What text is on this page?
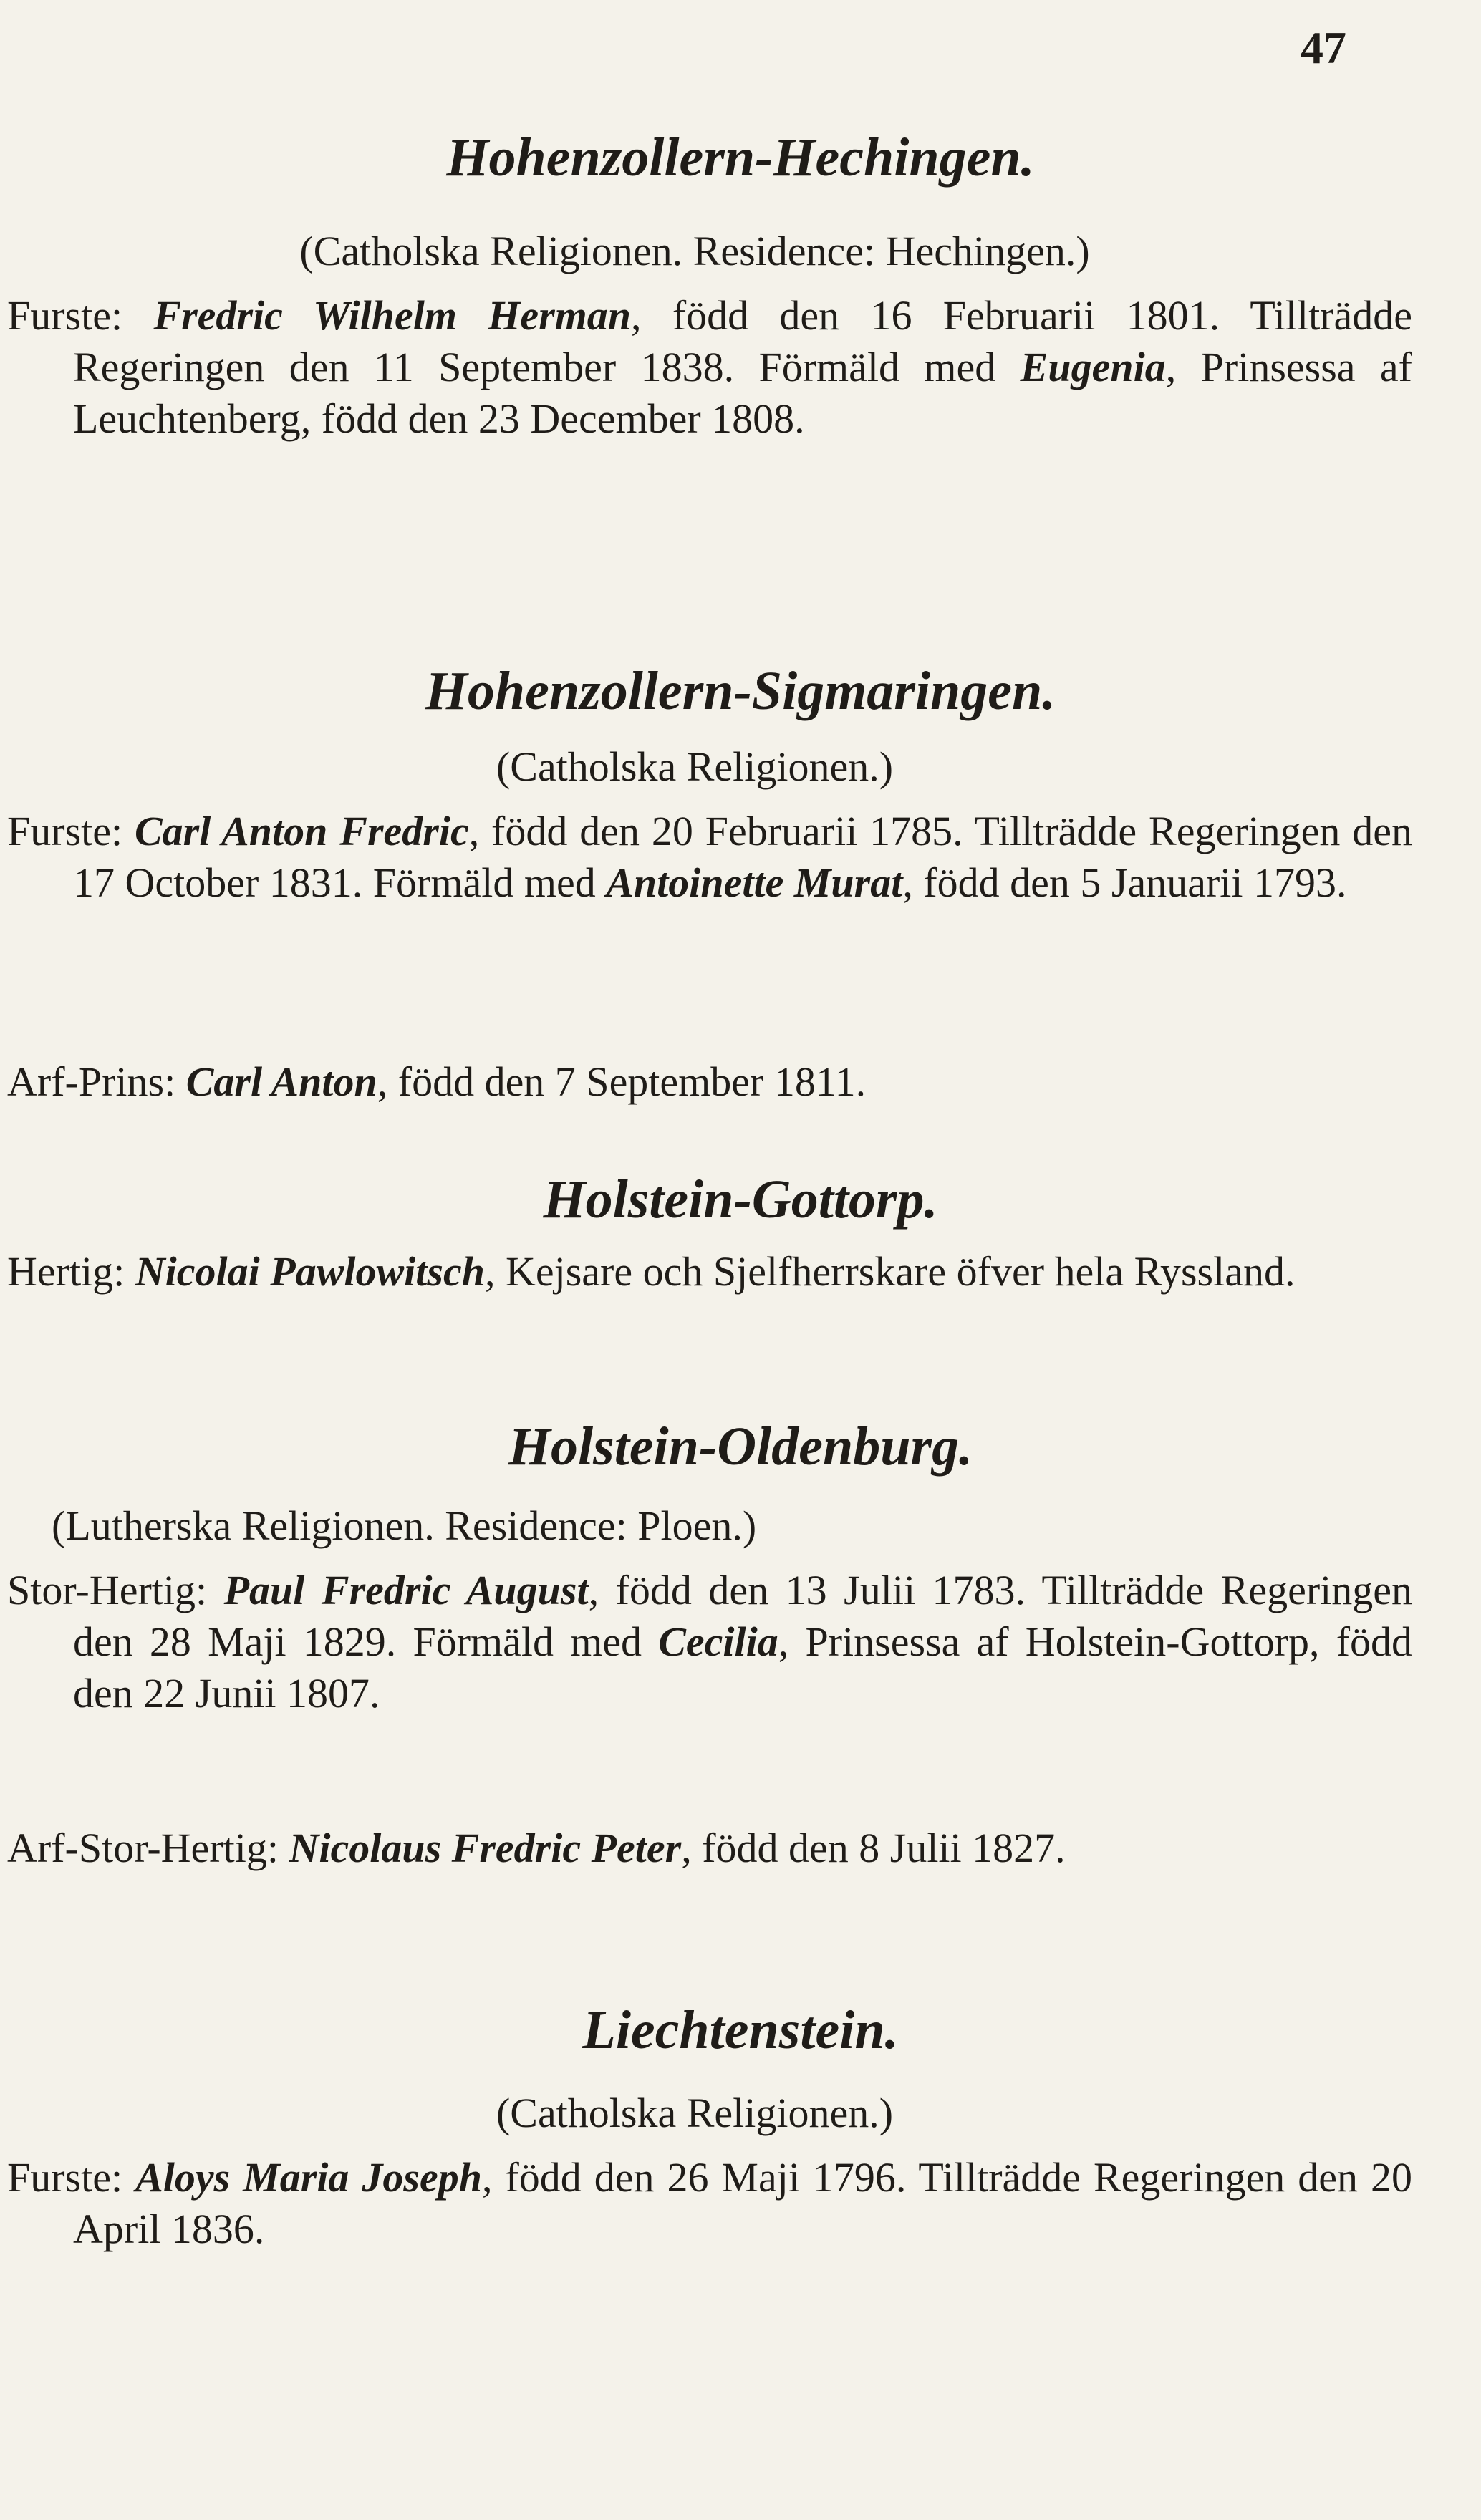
47
Hohenzollern-Hechingen.

(Catholska Religionen. Residence: Hechingen.)

Furste: Fredric Wilhelm Herman, född den 16 Februarii 1801. Tillträdde Regeringen den 11 September 1838. Förmäld med Eugenia, Prinsessa af Leuchtenberg, född den 23 December 1808.

Hohenzollern-Sigmaringen.

(Catholska Religionen.)

Furste: Carl Anton Fredric, född den 20 Februarii 1785. Tillträdde Regeringen den 17 October 1831. Förmäld med Antoinette Murat, född den 5 Januarii 1793.

Arf-Prins: Carl Anton, född den 7 September 1811.

Holstein-Gottorp.

Hertig: Nicolai Pawlowitsch, Kejsare och Sjelfherrskare öfver hela Ryssland.

Holstein-Oldenburg.

(Lutherska Religionen. Residence: Ploen.)

Stor-Hertig: Paul Fredric August, född den 13 Julii 1783. Tillträdde Regeringen den 28 Maji 1829. Förmäld med Cecilia, Prinsessa af Holstein-Gottorp, född den 22 Junii 1807.

Arf-Stor-Hertig: Nicolaus Fredric Peter, född den 8 Julii 1827.

Liechtenstein.

(Catholska Religionen.)

Furste: Aloys Maria Joseph, född den 26 Maji 1796. Tillträdde Regeringen den 20 April 1836.
